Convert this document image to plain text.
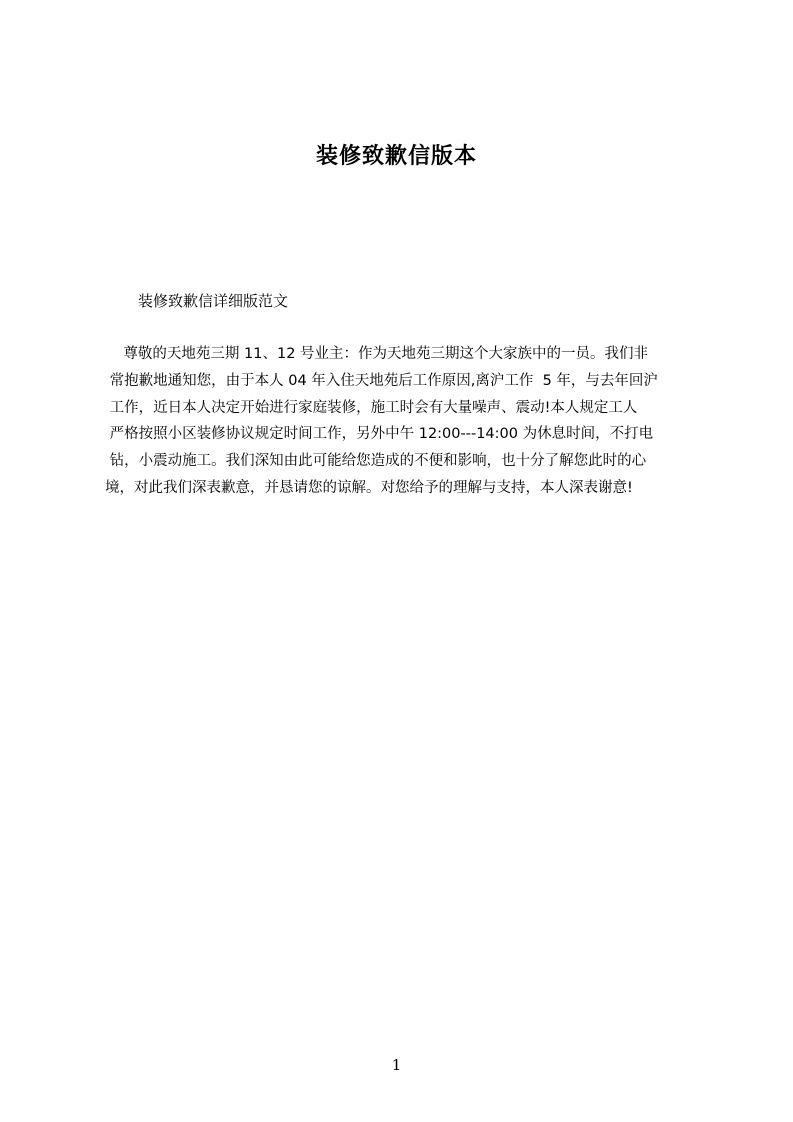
装修致歉信版本

装修致歉信详细版范文

尊敬的天地苑三期 11、12 号业主：作为天地苑三期这个大家族中的一员。我们非
常抱歉地通知您，由于本人 04 年入住天地苑后工作原因,离沪工作  5 年，与去年回沪
工作，近日本人决定开始进行家庭装修，施工时会有大量噪声、震动!本人规定工人
严格按照小区装修协议规定时间工作，另外中午 12:00---14:00 为休息时间，不打电
钻，小震动施工。我们深知由此可能给您造成的不便和影响，也十分了解您此时的心
境，对此我们深表歉意，并恳请您的谅解。对您给予的理解与支持，本人深表谢意!
1
